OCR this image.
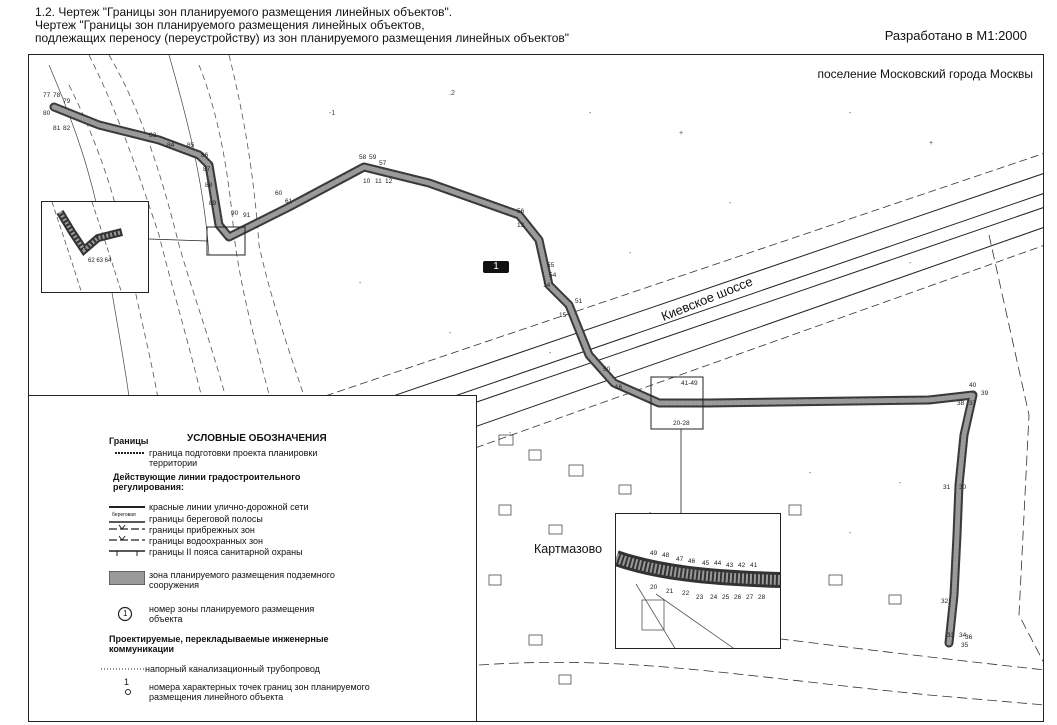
1.2. Чертеж "Границы зон планируемого размещения линейных объектов".
Чертеж "Границы зон планируемого размещения линейных объектов,
подлежащих переносу (переустройству) из зон планируемого размещения линейных объектов"	Разработано в М1:2000
-1
.2
-
+
-
+
-
-
-
-
-
-
-
-
-
-
77 78
79
80
81 82
83
84 85
86
87
88
89
90 91
60
61
58 59
57
10 11 12
56
13
55
54
14
51
15
50
16
41-49
20-28
40
39
38 37
31 30
32
33 34
35
36
62 63 64
49 48
47 46 45 44 43 42 41
20
21 22
23 24 25 26 27 28
поселение Московский города Москвы
Киевское шоссе
Картмазово
1
Границы	УСЛОВНЫЕ ОБОЗНАЧЕНИЯ
граница подготовки проекта планировки территории
Действующие линии градостроительного регулирования:
красные линии улично-дорожной сети
береговая границы береговой полосы
границы прибрежных зон
границы водоохранных зон
границы II пояса санитарной охраны
зона планируемого размещения подземного сооружения
1 номер зоны планируемого размещения объекта
Проектируемые, перекладываемые инженерные коммуникации
напорный канализационный трубопровод
1 номера характерных точек границ зон планируемого размещения линейного объекта
